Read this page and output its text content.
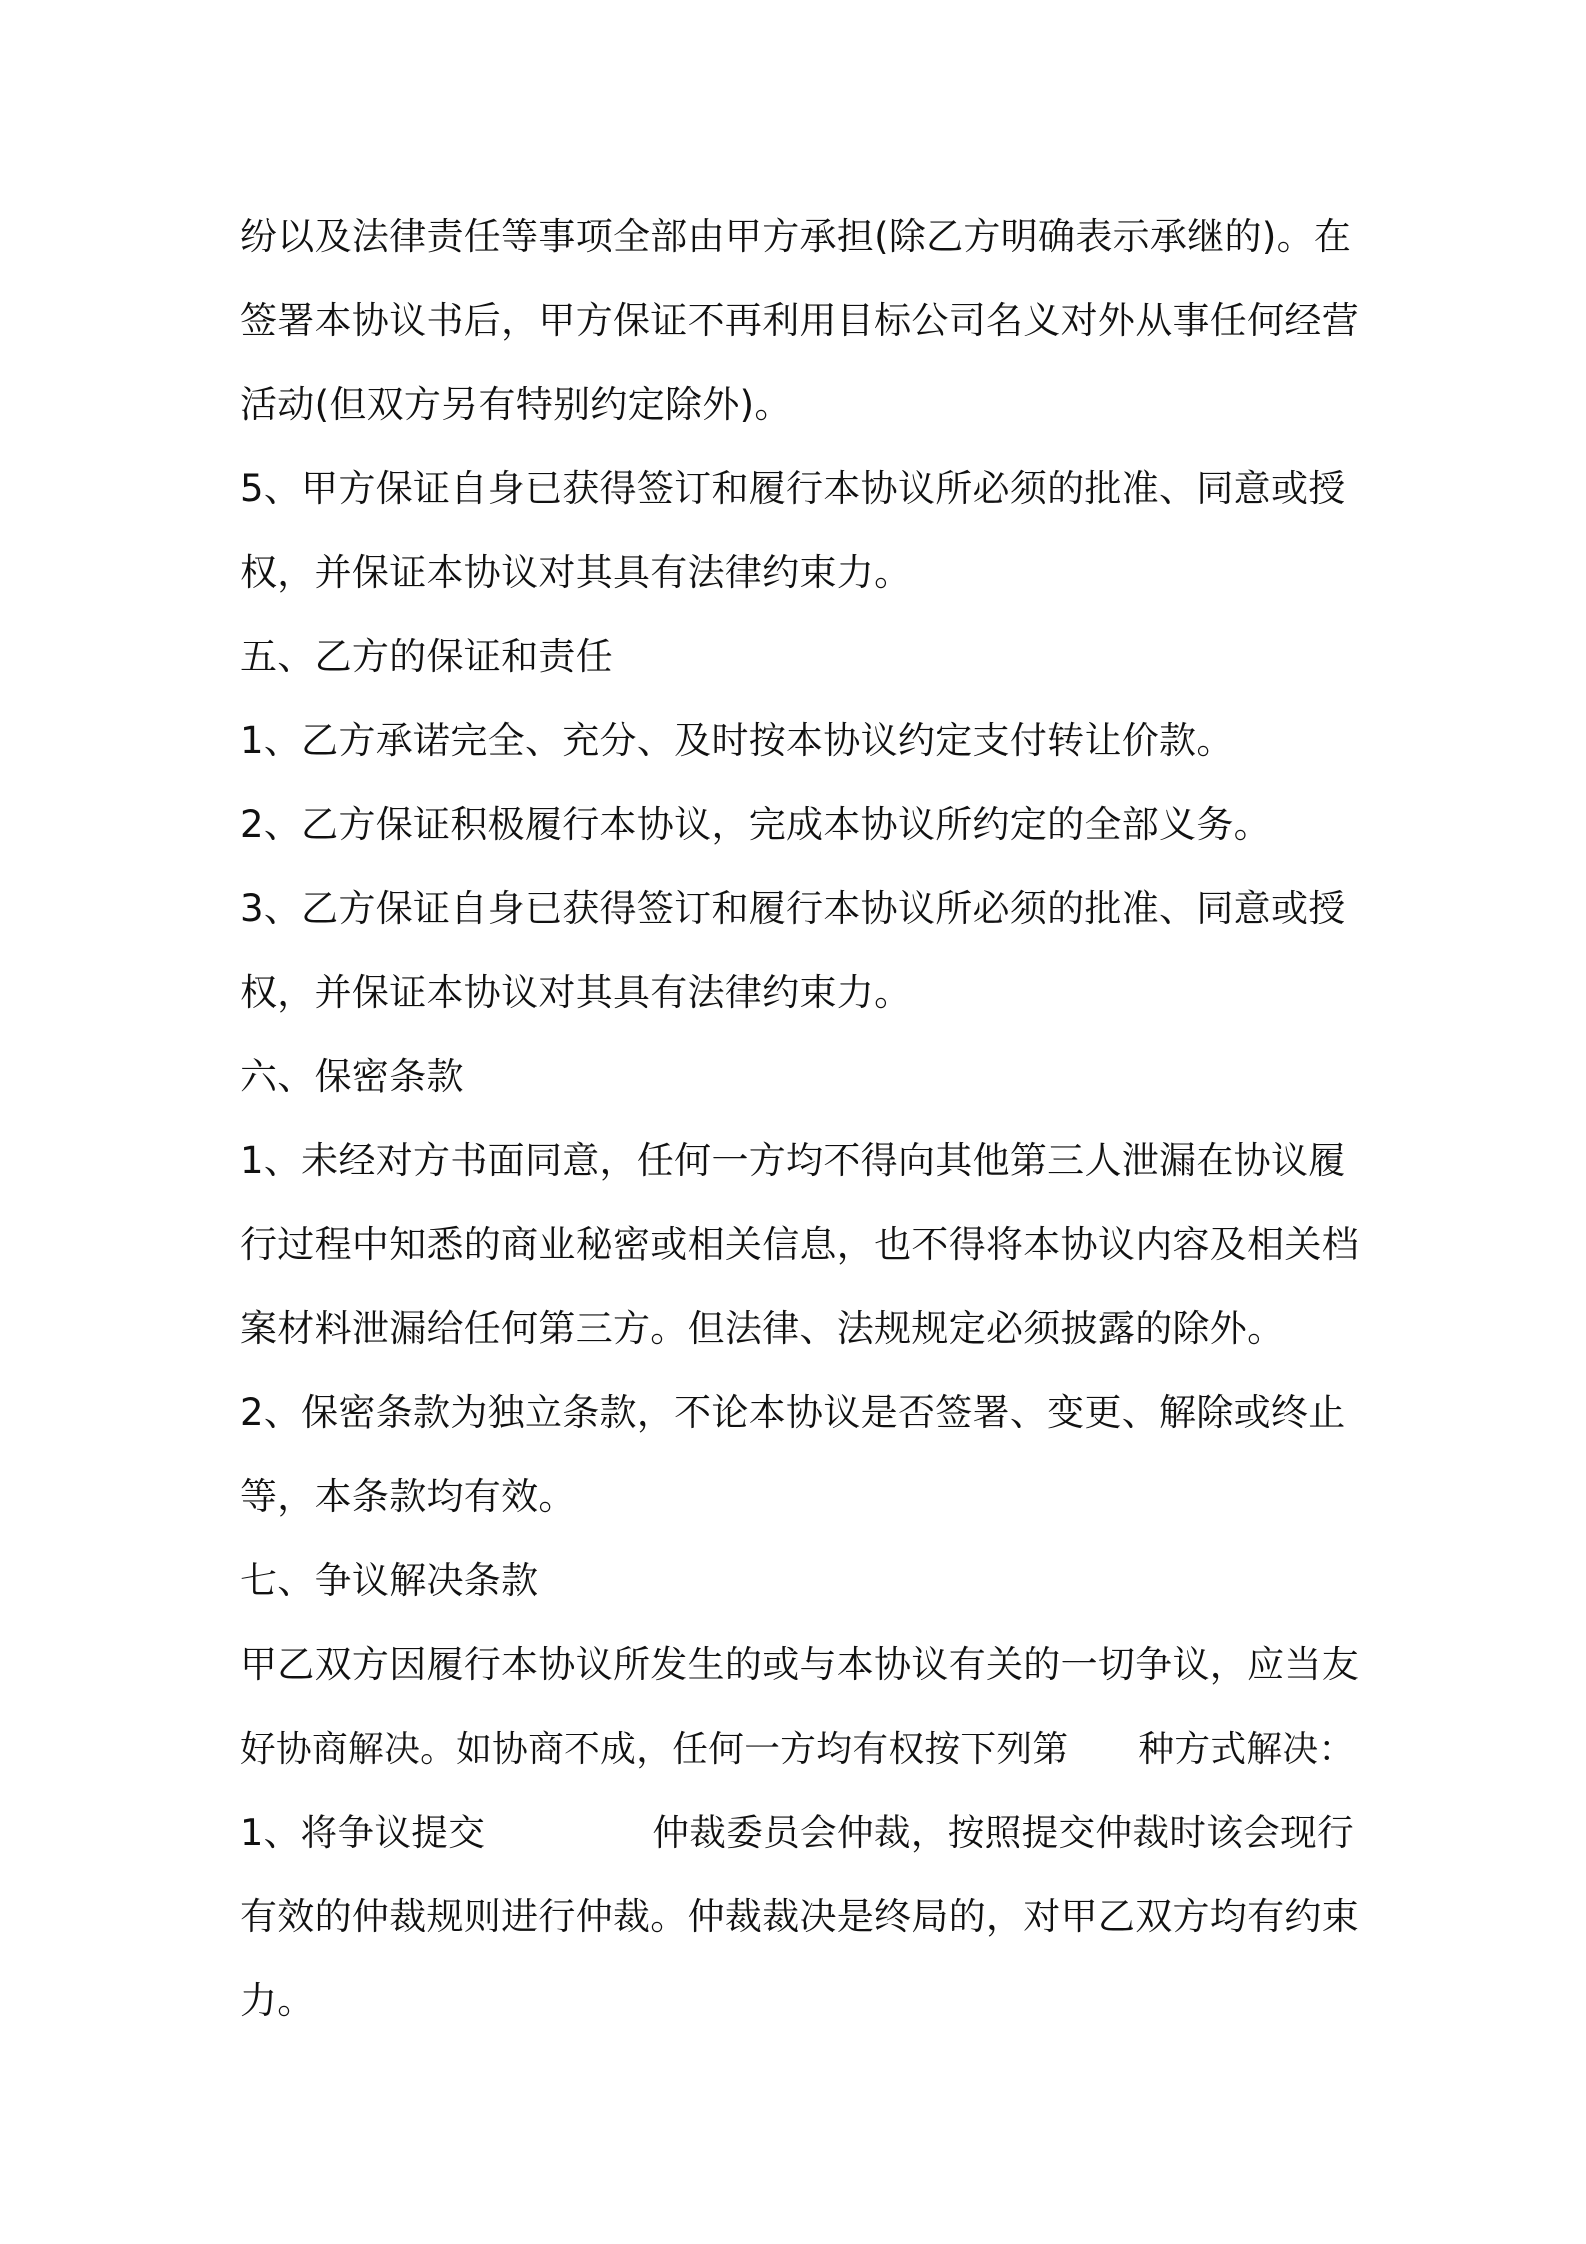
纷以及法律责任等事项全部由甲方承担(除乙方明确表示承继的)。在
签署本协议书后，甲方保证不再利用目标公司名义对外从事任何经营
活动(但双方另有特别约定除外)。
5、甲方保证自身已获得签订和履行本协议所必须的批准、同意或授
权，并保证本协议对其具有法律约束力。
五、乙方的保证和责任
1、乙方承诺完全、充分、及时按本协议约定支付转让价款。
2、乙方保证积极履行本协议，完成本协议所约定的全部义务。
3、乙方保证自身已获得签订和履行本协议所必须的批准、同意或授
权，并保证本协议对其具有法律约束力。
六、保密条款
1、未经对方书面同意，任何一方均不得向其他第三人泄漏在协议履
行过程中知悉的商业秘密或相关信息，也不得将本协议内容及相关档
案材料泄漏给任何第三方。但法律、法规规定必须披露的除外。
2、保密条款为独立条款，不论本协议是否签署、变更、解除或终止
等，本条款均有效。
七、争议解决条款
甲乙双方因履行本协议所发生的或与本协议有关的一切争议，应当友
好协商解决。如协商不成，任何一方均有权按下列第      种方式解决：
1、将争议提交              仲裁委员会仲裁，按照提交仲裁时该会现行
有效的仲裁规则进行仲裁。仲裁裁决是终局的，对甲乙双方均有约束
力。
